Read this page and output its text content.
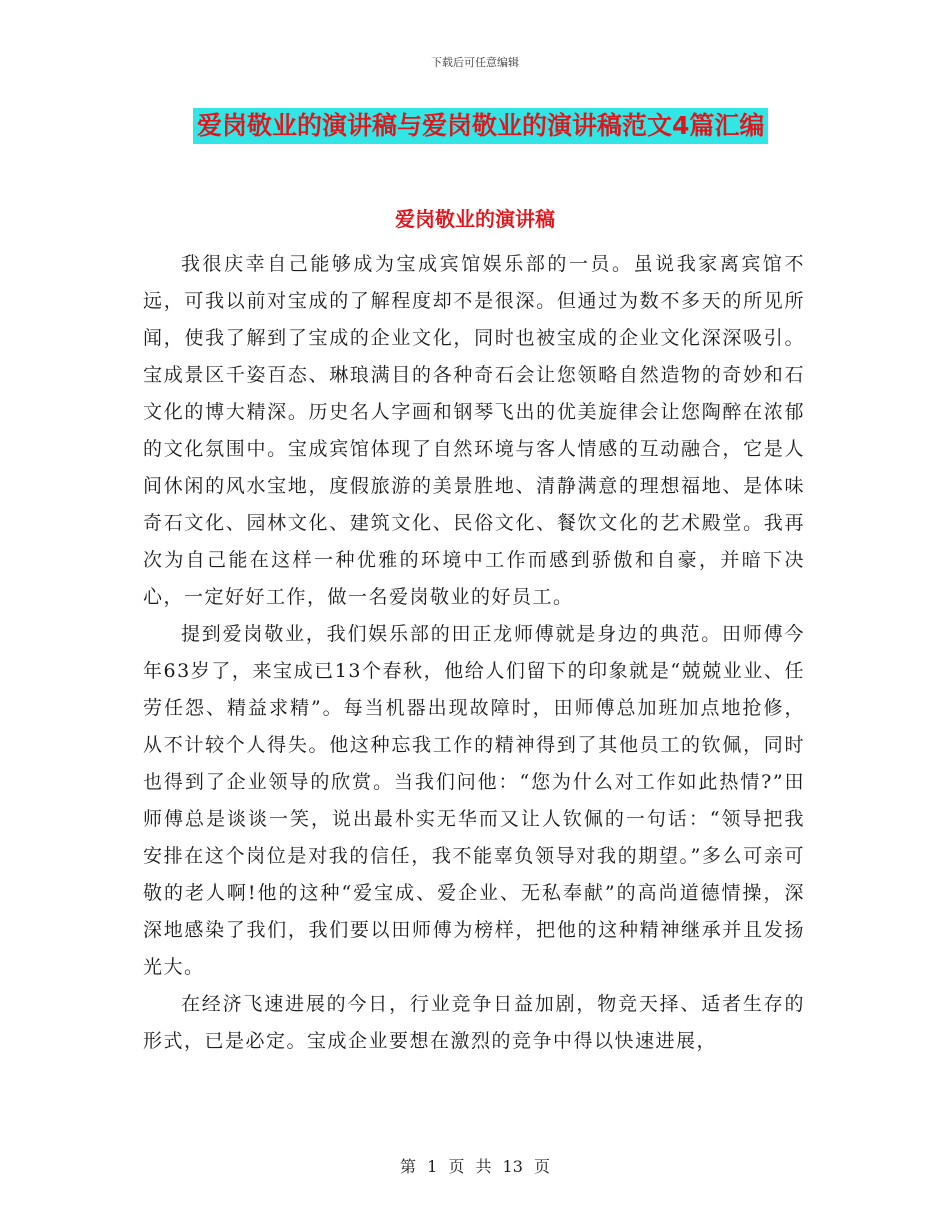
下载后可任意编辑
爱岗敬业的演讲稿与爱岗敬业的演讲稿范文4篇汇编
爱岗敬业的演讲稿

我很庆幸自己能够成为宝成宾馆娱乐部的一员。虽说我家离宾馆不远，可我以前对宝成的了解程度却不是很深。但通过为数不多天的所见所闻，使我了解到了宝成的企业文化，同时也被宝成的企业文化深深吸引。宝成景区千姿百态、琳琅满目的各种奇石会让您领略自然造物的奇妙和石文化的博大精深。历史名人字画和钢琴飞出的优美旋律会让您陶醉在浓郁的文化氛围中。宝成宾馆体现了自然环境与客人情感的互动融合，它是人间休闲的风水宝地，度假旅游的美景胜地、清静满意的理想福地、是体味奇石文化、园林文化、建筑文化、民俗文化、餐饮文化的艺术殿堂。我再次为自己能在这样一种优雅的环境中工作而感到骄傲和自豪，并暗下决心，一定好好工作，做一名爱岗敬业的好员工。

提到爱岗敬业，我们娱乐部的田正龙师傅就是身边的典范。田师傅今年63岁了，来宝成已13个春秋，他给人们留下的印象就是“兢兢业业、任劳任怨、精益求精”。每当机器出现故障时，田师傅总加班加点地抢修，从不计较个人得失。他这种忘我工作的精神得到了其他员工的钦佩，同时也得到了企业领导的欣赏。当我们问他：“您为什么对工作如此热情?”田师傅总是谈谈一笑，说出最朴实无华而又让人钦佩的一句话：“领导把我安排在这个岗位是对我的信任，我不能辜负领导对我的期望。”多么可亲可敬的老人啊!他的这种“爱宝成、爱企业、无私奉献”的高尚道德情操，深深地感染了我们，我们要以田师傅为榜样，把他的这种精神继承并且发扬光大。

在经济飞速进展的今日，行业竞争日益加剧，物竞天择、适者生存的形式，已是必定。宝成企业要想在激烈的竞争中得以快速进展，

第 1 页 共 13 页
